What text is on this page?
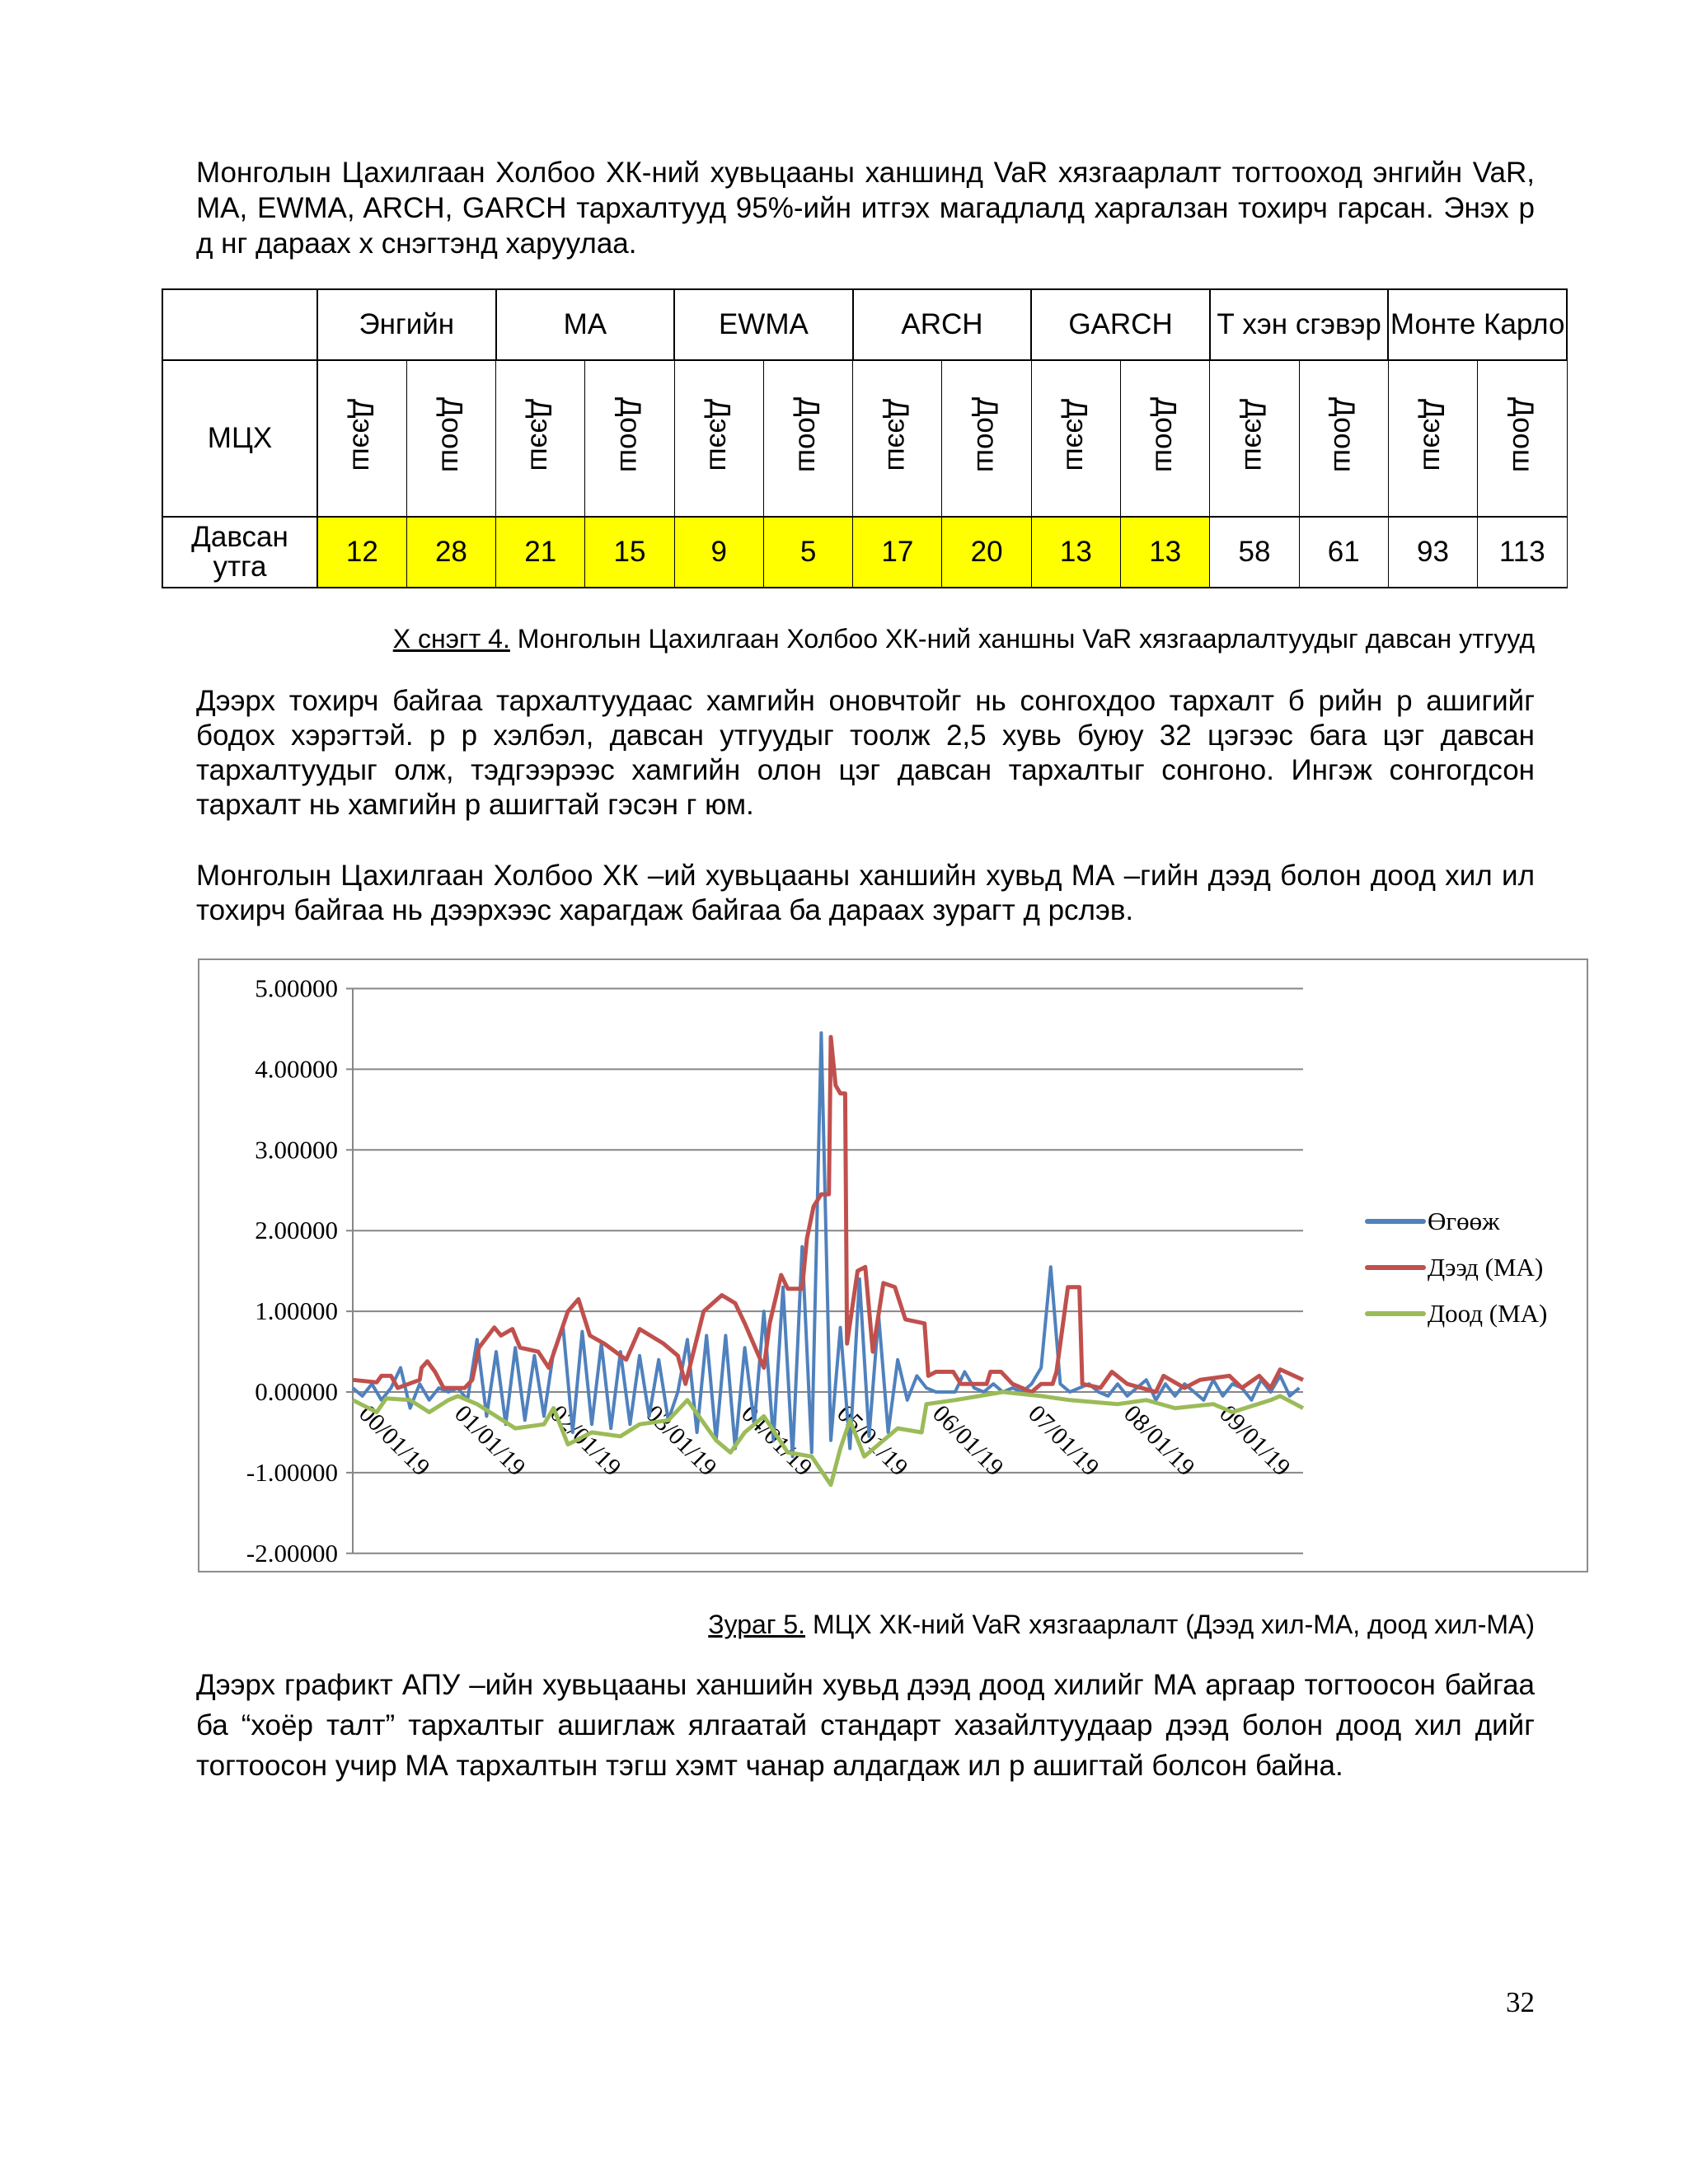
Монголын Цахилгаан Холбоо ХК-ний хувьцааны ханшинд VaR хязгаарлалт тогтооход энгийн VaR, MA, EWMA, ARCH, GARCH тархалтууд 95%-ийн итгэх магадлалд харгалзан тохирч гарсан. Энэх р д нг дараах х снэгтэнд харуулаа.
	Энгийн		MA		EWMA		ARCH		GARCH		Т хэн сгэвэр		Монте Карло	
МЦХ	Дээш	Доош	Дээш	Доош	Дээш	Доош	Дээш	Доош	Дээш	Доош	Дээш	Доош	Дээш	Доош
Давсан утга	12	28	21	15	9	5	17	20	13	13	58	61	93	113
Х снэгт 4. Монголын Цахилгаан Холбоо ХК-ний ханшны VaR хязгаарлалтуудыг давсан утгууд
Дээрх тохирч байгаа тархалтуудаас хамгийн оновчтойг нь сонгохдоо тархалт б рийн р ашигийг бодох хэрэгтэй. р р хэлбэл, давсан утгуудыг тоолж 2,5 хувь буюу 32 цэгээс бага цэг давсан тархалтуудыг олж, тэдгээрээс хамгийн олон цэг давсан тархалтыг сонгоно. Ингэж сонгогдсон тархалт нь хамгийн р ашигтай гэсэн г юм.
Монголын Цахилгаан Холбоо ХК –ий хувьцааны ханшийн хувьд МА –гийн дээд болон доод хил ил тохирч байгаа нь дээрхээс харагдаж байгаа ба дараах зурагт д рслэв.
5.00000
4.00000
3.00000
2.00000
1.00000
0.00000
-1.00000
-2.00000
00/01/19 01/01/19 02/01/19 03/01/19 04/01/19 05/01/19 06/01/19 07/01/19 08/01/19 09/01/19
Өгөөж
Дээд (MA)
Доод (MA)
Зураг 5. МЦХ ХК-ний VaR хязгаарлалт (Дээд хил-МА, доод хил-МА)
Дээрх графикт АПУ –ийн хувьцааны ханшийн хувьд дээд доод хилийг МА аргаар тогтоосон байгаа ба “хоёр талт” тархалтыг ашиглаж ялгаатай стандарт хазайлтуудаар дээд болон доод хил дийг тогтоосон учир МА тархалтын тэгш хэмт чанар алдагдаж ил р ашигтай болсон байна.
32
